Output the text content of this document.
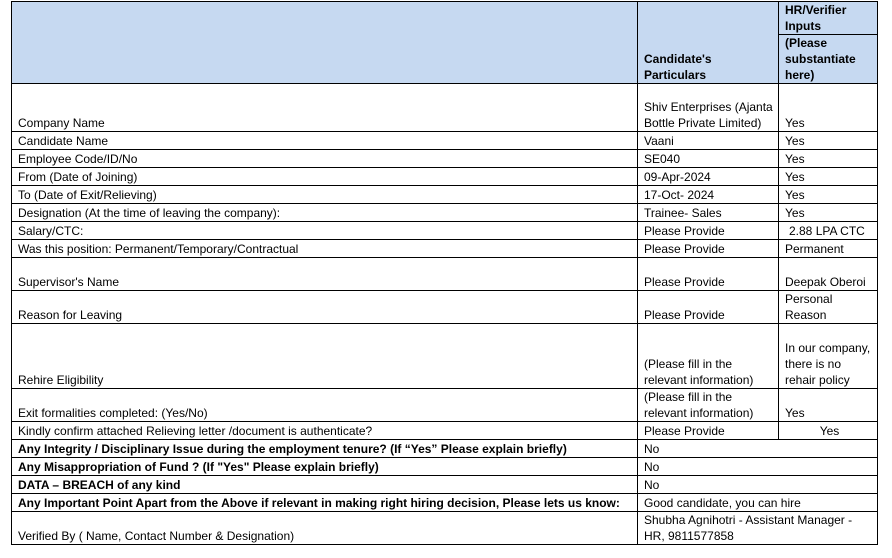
	Candidate's Particulars	HR/Verifier Inputs
		(Please substantiate here)
Company Name	Shiv Enterprises (Ajanta Bottle Private Limited)	Yes
Candidate Name	Vaani	Yes
Employee Code/ID/No	SE040	Yes
From (Date of Joining)	09-Apr-2024	Yes
To (Date of Exit/Relieving)	17-Oct- 2024	Yes
Designation (At the time of leaving the company):	Trainee- Sales	Yes
Salary/CTC:	Please Provide	2.88 LPA CTC
Was this position: Permanent/Temporary/Contractual	Please Provide	Permanent
Supervisor's Name	Please Provide	Deepak Oberoi
Reason for Leaving	Please Provide	Personal Reason
Rehire Eligibility	(Please fill in the relevant information)	In our company, there is no rehair policy
Exit formalities completed: (Yes/No)	(Please fill in the relevant information)	Yes
Kindly confirm attached Relieving letter /document is authenticate?	Please Provide	Yes
Any Integrity / Disciplinary Issue during the employment tenure? (If “Yes” Please explain briefly)	No	
Any Misappropriation of Fund ? (If "Yes" Please explain briefly)	No	
DATA – BREACH of any kind	No	
Any Important Point Apart from the Above if relevant in making right hiring decision, Please lets us know:	Good candidate, you can hire	
Verified By ( Name, Contact Number & Designation)	Shubha Agnihotri - Assistant Manager - HR, 9811577858	
